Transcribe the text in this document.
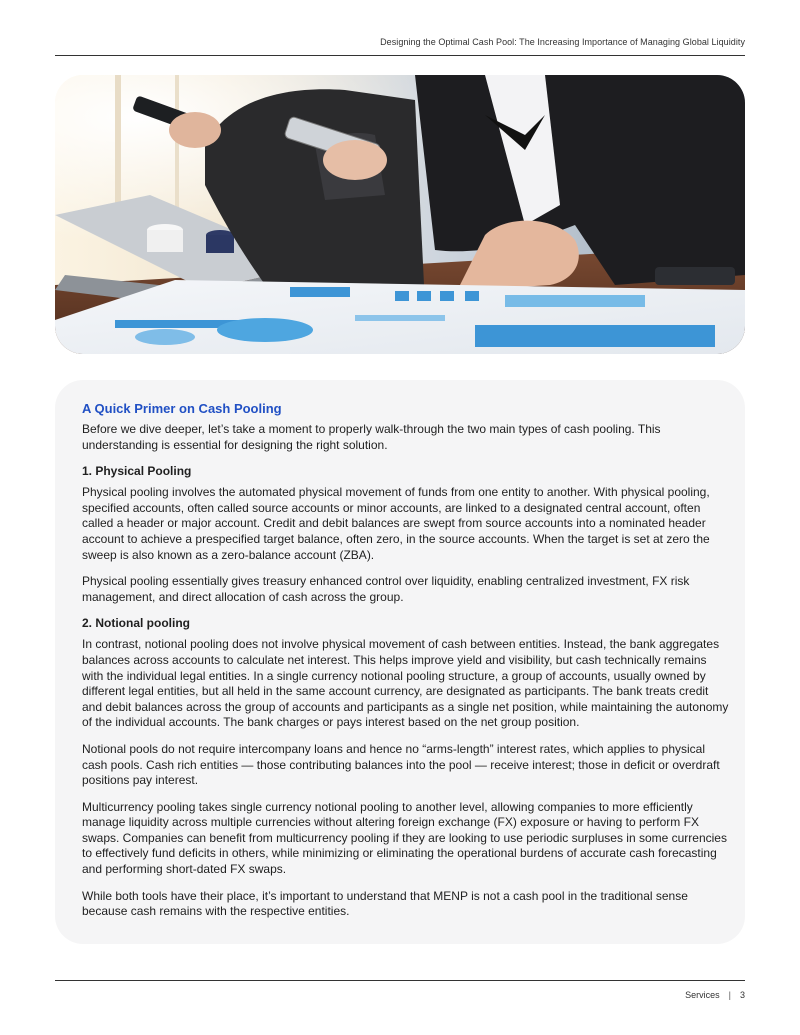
Designing the Optimal Cash Pool: The Increasing Importance of Managing Global Liquidity
A Quick Primer on Cash Pooling

Before we dive deeper, let’s take a moment to properly walk-through the two main types of cash pooling. This understanding is essential for designing the right solution.

1. Physical Pooling

Physical pooling involves the automated physical movement of funds from one entity to another. With physical pooling, specified accounts, often called source accounts or minor accounts, are linked to a designated central account, often called a header or major account. Credit and debit balances are swept from source accounts into a nominated header account to achieve a prespecified target balance, often zero, in the source accounts. When the target is set at zero the sweep is also known as a zero-balance account (ZBA).

Physical pooling essentially gives treasury enhanced control over liquidity, enabling centralized investment, FX risk management, and direct allocation of cash across the group.

2. Notional pooling

In contrast, notional pooling does not involve physical movement of cash between entities. Instead, the bank aggregates balances across accounts to calculate net interest. This helps improve yield and visibility, but cash technically remains with the individual legal entities. In a single currency notional pooling structure, a group of accounts, usually owned by different legal entities, but all held in the same account currency, are designated as participants. The bank treats credit and debit balances across the group of accounts and participants as a single net position, while maintaining the autonomy of the individual accounts. The bank charges or pays interest based on the net group position.

Notional pools do not require intercompany loans and hence no “arms-length” interest rates, which applies to physical cash pools. Cash rich entities — those contributing balances into the pool — receive interest; those in deficit or overdraft positions pay interest.

Multicurrency pooling takes single currency notional pooling to another level, allowing companies to more efficiently manage liquidity across multiple currencies without altering foreign exchange (FX) exposure or having to perform FX swaps. Companies can benefit from multicurrency pooling if they are looking to use periodic surpluses in some currencies to effectively fund deficits in others, while minimizing or eliminating the operational burdens of accurate cash forecasting and performing short-dated FX swaps.

While both tools have their place, it’s important to understand that MENP is not a cash pool in the traditional sense because cash remains with the respective entities.

Services | 3
